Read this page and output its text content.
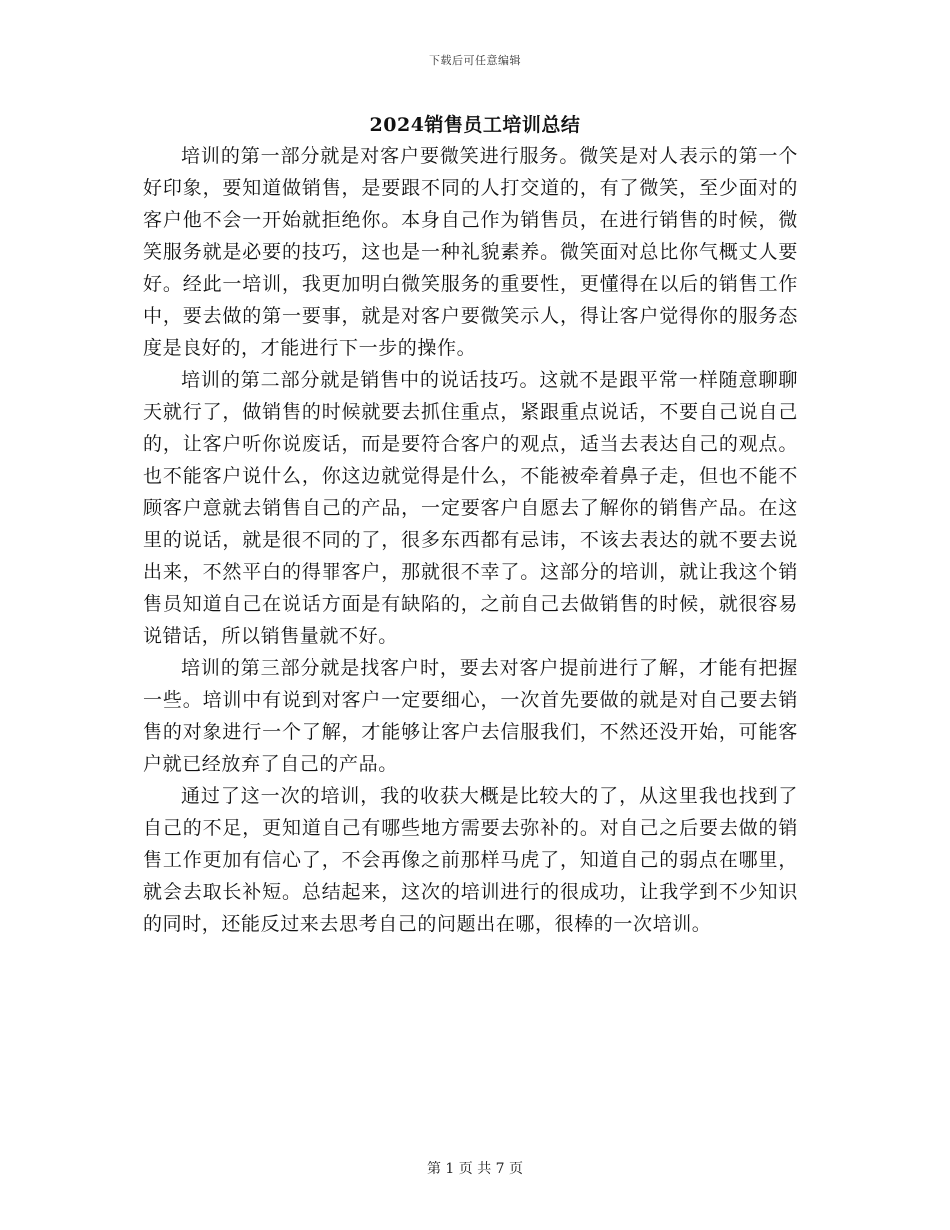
下载后可任意编辑
2024销售员工培训总结

培训的第一部分就是对客户要微笑进行服务。微笑是对人表示的第一个好印象，要知道做销售，是要跟不同的人打交道的，有了微笑，至少面对的客户他不会一开始就拒绝你。本身自己作为销售员，在进行销售的时候，微笑服务就是必要的技巧，这也是一种礼貌素养。微笑面对总比你气概丈人要好。经此一培训，我更加明白微笑服务的重要性，更懂得在以后的销售工作中，要去做的第一要事，就是对客户要微笑示人，得让客户觉得你的服务态度是良好的，才能进行下一步的操作。

培训的第二部分就是销售中的说话技巧。这就不是跟平常一样随意聊聊天就行了，做销售的时候就要去抓住重点，紧跟重点说话，不要自己说自己的，让客户听你说废话，而是要符合客户的观点，适当去表达自己的观点。也不能客户说什么，你这边就觉得是什么，不能被牵着鼻子走，但也不能不顾客户意就去销售自己的产品，一定要客户自愿去了解你的销售产品。在这里的说话，就是很不同的了，很多东西都有忌讳，不该去表达的就不要去说出来，不然平白的得罪客户，那就很不幸了。这部分的培训，就让我这个销售员知道自己在说话方面是有缺陷的，之前自己去做销售的时候，就很容易说错话，所以销售量就不好。

培训的第三部分就是找客户时，要去对客户提前进行了解，才能有把握一些。培训中有说到对客户一定要细心，一次首先要做的就是对自己要去销售的对象进行一个了解，才能够让客户去信服我们，不然还没开始，可能客户就已经放弃了自己的产品。

通过了这一次的培训，我的收获大概是比较大的了，从这里我也找到了自己的不足，更知道自己有哪些地方需要去弥补的。对自己之后要去做的销售工作更加有信心了，不会再像之前那样马虎了，知道自己的弱点在哪里，就会去取长补短。总结起来，这次的培训进行的很成功，让我学到不少知识的同时，还能反过来去思考自己的问题出在哪，很棒的一次培训。

第 1 页 共 7 页
